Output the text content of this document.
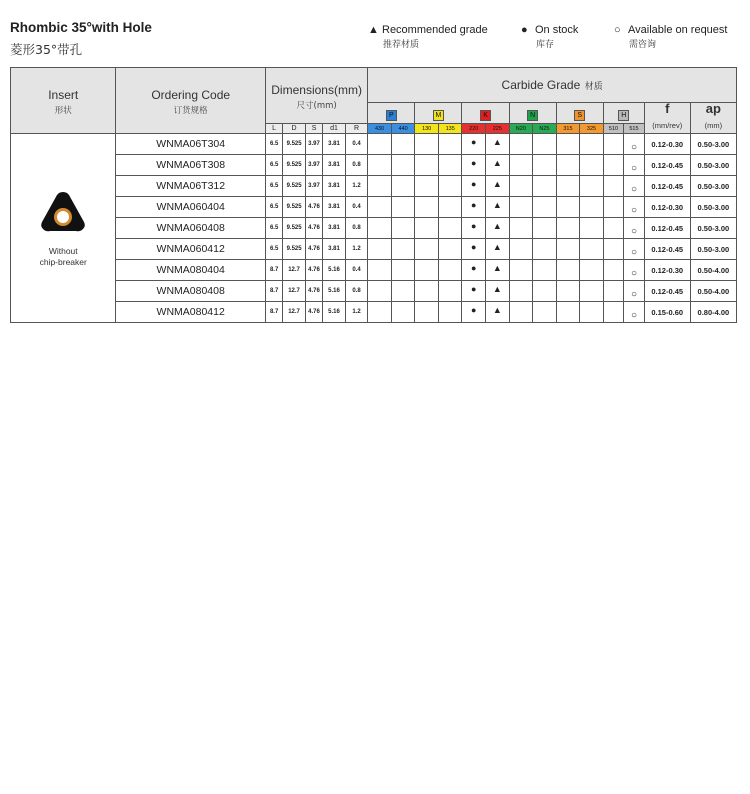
Rhombic 35°with Hole
菱形35°带孔
▲ Recommended grade
推荐材质
● On stock
库存
○ Available on request
需咨询
Insert
形状	Ordering Code
订货规格	Dimensions(mm)
尺寸(mm)					Carbide Grade 材质													
							P		M		K		N		S		H		f
(mm/rev)	ap
(mm)
		L	D	S	d1	R	430	440	130	135	220	225	N20	N25	315	325	510	515		

Without
chip-breaker	WNMA06T304	6.5	9.525	3.97	3.81	0.4					●	▲						○	0.12-0.30	0.50-3.00
	WNMA06T308	6.5	9.525	3.97	3.81	0.8					●	▲						○	0.12-0.45	0.50-3.00
	WNMA06T312	6.5	9.525	3.97	3.81	1.2					●	▲						○	0.12-0.45	0.50-3.00
	WNMA060404	6.5	9.525	4.76	3.81	0.4					●	▲						○	0.12-0.30	0.50-3.00
	WNMA060408	6.5	9.525	4.76	3.81	0.8					●	▲						○	0.12-0.45	0.50-3.00
	WNMA060412	6.5	9.525	4.76	3.81	1.2					●	▲						○	0.12-0.45	0.50-3.00
	WNMA080404	8.7	12.7	4.76	5.16	0.4					●	▲						○	0.12-0.30	0.50-4.00
	WNMA080408	8.7	12.7	4.76	5.16	0.8					●	▲						○	0.12-0.45	0.50-4.00
	WNMA080412	8.7	12.7	4.76	5.16	1.2					●	▲						○	0.15-0.60	0.80-4.00
